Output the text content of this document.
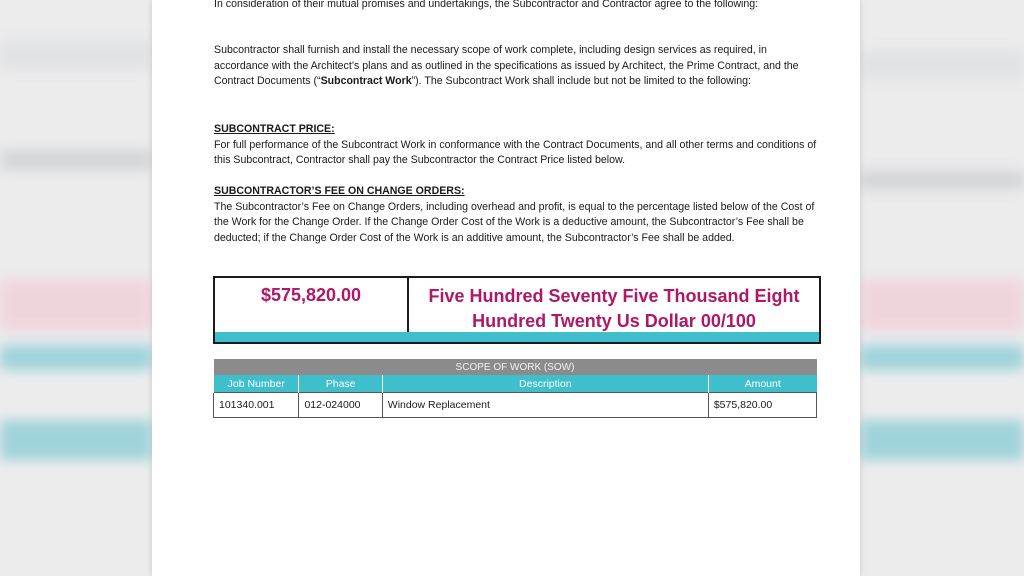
In consideration of their mutual promises and undertakings, the Subcontractor and Contractor agree to the following:

Subcontractor shall furnish and install the necessary scope of work complete, including design services as required, in accordance with the Architect’s plans and as outlined in the specifications as issued by Architect, the Prime Contract, and the Contract Documents (“Subcontract Work”). The Subcontract Work shall include but not be limited to the following:

SUBCONTRACT PRICE:

For full performance of the Subcontract Work in conformance with the Contract Documents, and all other terms and conditions of this Subcontract, Contractor shall pay the Subcontractor the Contract Price listed below.

SUBCONTRACTOR’S FEE ON CHANGE ORDERS:

The Subcontractor’s Fee on Change Orders, including overhead and profit, is equal to the percentage listed below of the Cost of the Work for the Change Order. If the Change Order Cost of the Work is a deductive amount, the Subcontractor’s Fee shall be deducted; if the Change Order Cost of the Work is an additive amount, the Subcontractor’s Fee shall be added.

$575,820.00	Five Hundred Seventy Five Thousand Eight Hundred Twenty Us Dollar 00/100
SCOPE OF WORK (SOW)			
Job Number	Phase	Description	Amount
101340.001	012-024000	Window Replacement	$575,820.00
